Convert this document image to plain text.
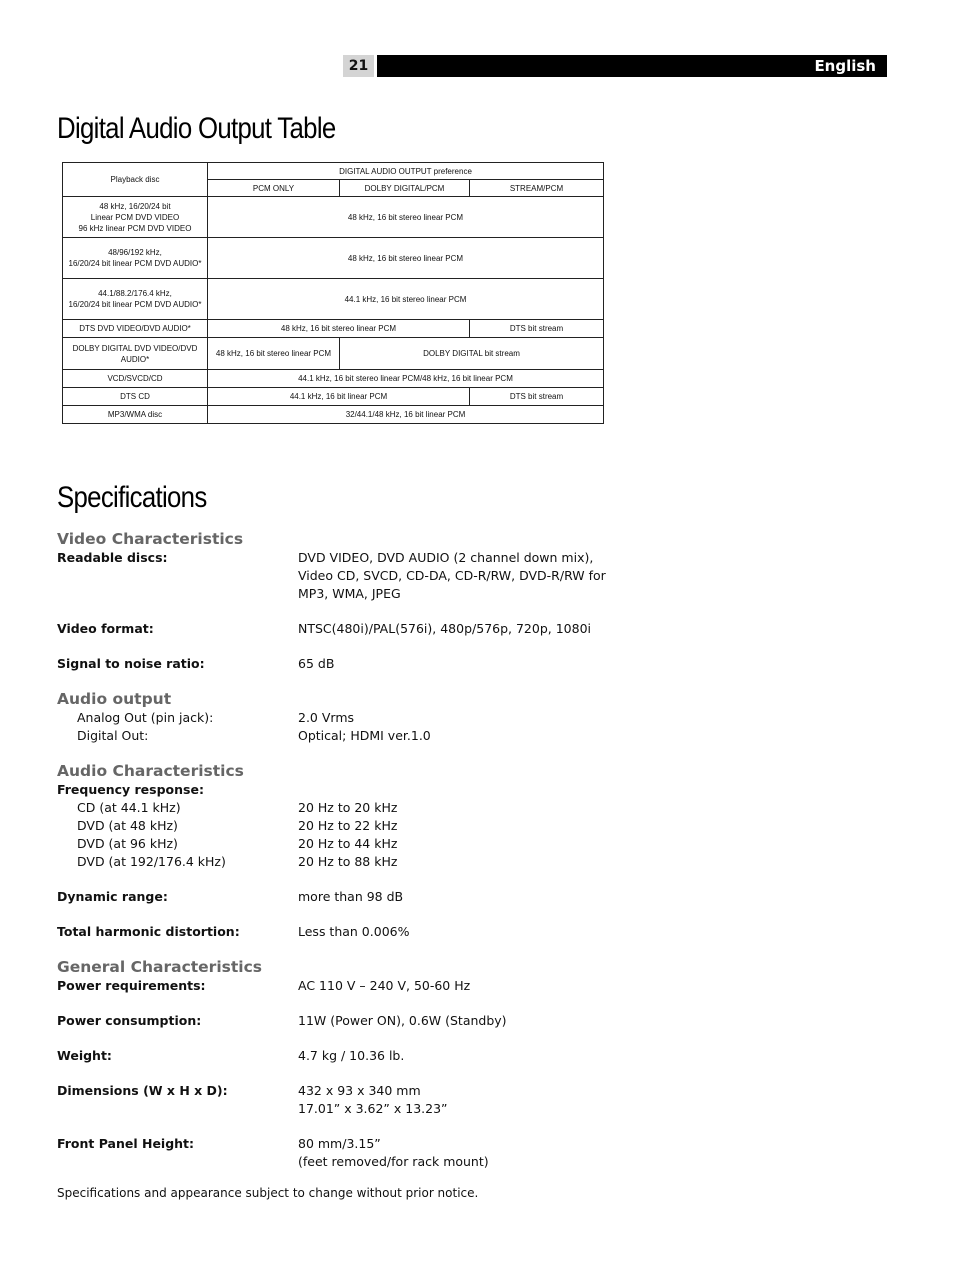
21	English
Digital Audio Output Table
Playback disc	DIGITAL AUDIO OUTPUT preference		
	PCM ONLY	DOLBY DIGITAL/PCM	STREAM/PCM
48 kHz, 16/20/24 bit
Linear PCM DVD VIDEO
96 kHz linear PCM DVD VIDEO	48 kHz, 16 bit stereo linear PCM		
48/96/192 kHz,
16/20/24 bit linear PCM DVD AUDIO*	48 kHz, 16 bit stereo linear PCM		
44.1/88.2/176.4 kHz,
16/20/24 bit linear PCM DVD AUDIO*	44.1 kHz, 16 bit stereo linear PCM		
DTS DVD VIDEO/DVD AUDIO*	48 kHz, 16 bit stereo linear PCM		DTS bit stream
DOLBY DIGITAL DVD VIDEO/DVD AUDIO*	48 kHz, 16 bit stereo linear PCM	DOLBY DIGITAL bit stream	
VCD/SVCD/CD	44.1 kHz, 16 bit stereo linear PCM/48 kHz, 16 bit linear PCM		
DTS CD	44.1 kHz, 16 bit linear PCM		DTS bit stream
MP3/WMA disc	32/44.1/48 kHz, 16 bit linear PCM		
Specifications
Video Characteristics
Readable discs:	DVD VIDEO, DVD AUDIO (2 channel down mix),
Video CD, SVCD, CD-DA, CD-R/RW, DVD-R/RW for
MP3, WMA, JPEG
Video format:	NTSC(480i)/PAL(576i), 480p/576p, 720p, 1080i
Signal to noise ratio:	65 dB
Audio output
Analog Out (pin jack):	2.0 Vrms
Digital Out:	Optical; HDMI ver.1.0
Audio Characteristics
Frequency response:
CD (at 44.1 kHz)	20 Hz to 20 kHz
DVD (at 48 kHz)	20 Hz to 22 kHz
DVD (at 96 kHz)	20 Hz to 44 kHz
DVD (at 192/176.4 kHz)	20 Hz to 88 kHz
Dynamic range:	more than 98 dB
Total harmonic distortion:	Less than 0.006%
General Characteristics
Power requirements:	AC 110 V – 240 V, 50-60 Hz
Power consumption:	11W (Power ON), 0.6W (Standby)
Weight:	4.7 kg / 10.36 lb.
Dimensions (W x H x D):	432 x 93 x 340 mm
17.01” x 3.62” x 13.23”
Front Panel Height:	80 mm/3.15”
(feet removed/for rack mount)
Specifications and appearance subject to change without prior notice.
